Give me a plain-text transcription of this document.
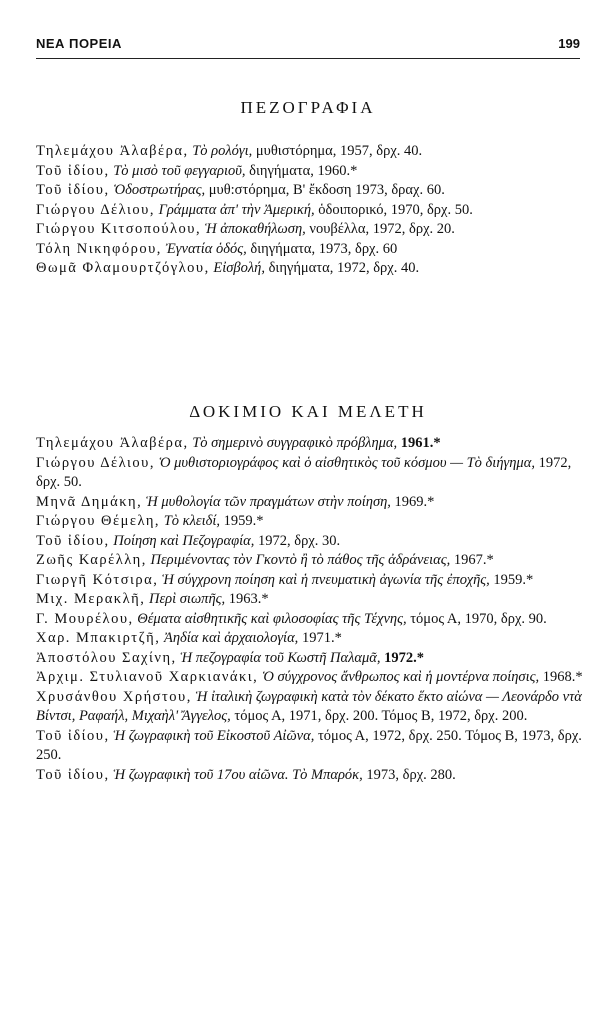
ΝΕΑ ΠΟΡΕΙΑ	199
ΠΕΖΟΓΡΑΦΙΑ
Τηλεμάχου Ἀλαβέρα, Τὸ ρολόγι, μυθιστόρημα, 1957, δρχ. 40.
Τοῦ ἰδίου, Τὸ μισὸ τοῦ φεγγαριοῦ, διηγήματα, 1960.*
Τοῦ ἰδίου, Ὁδοστρωτήρας, μυθ:στόρημα, Β' ἔκδοση 1973, δραχ. 60.
Γιώργου Δέλιου, Γράμματα ἀπ' τὴν Ἀμερική, ὁδοιπορικό, 1970, δρχ. 50.
Γιώργου Κιτσοπούλου, Ἡ ἀποκαθήλωση, νουβέλλα, 1972, δρχ. 20.
Τόλη Νικηφόρου, Ἐγνατία ὁδός, διηγήματα, 1973, δρχ. 60
Θωμᾶ Φλαμουρτζόγλου, Εἰσβολή, διηγήματα, 1972, δρχ. 40.
ΔΟΚΙΜΙΟ ΚΑΙ ΜΕΛΕΤΗ
Τηλεμάχου Ἀλαβέρα, Τὸ σημερινὸ συγγραφικὸ πρόβλημα, 1961.*
Γιώργου Δέλιου, Ὁ μυθιστοριογράφος καὶ ὁ αἰσθητικὸς τοῦ κόσμου — Τὸ διήγημα, 1972, δρχ. 50.
Μηνᾶ Δημάκη, Ἡ μυθολογία τῶν πραγμάτων στὴν ποίηση, 1969.*
Γιώργου Θέμελη, Τὸ κλειδί, 1959.*
Τοῦ ἰδίου, Ποίηση καὶ Πεζογραφία, 1972, δρχ. 30.
Ζωῆς Καρέλλη, Περιμένοντας τὸν Γκοντὸ ἢ τὸ πάθος τῆς ἀδράνειας, 1967.*
Γιωργῆ Κότσιρα, Ἡ σύγχρονη ποίηση καὶ ἡ πνευματικὴ ἀγωνία τῆς ἐποχῆς, 1959.*
Μιχ. Μερακλῆ, Περὶ σιωπῆς, 1963.*
Γ. Μουρέλου, Θέματα αἰσθητικῆς καὶ φιλοσοφίας τῆς Τέχνης, τόμος Α, 1970, δρχ. 90.
Χαρ. Μπακιρτζῆ, Ἀηδία καὶ ἀρχαιολογία, 1971.*
Ἀποστόλου Σαχίνη, Ἡ πεζογραφία τοῦ Κωστῆ Παλαμᾶ, 1972.*
Ἀρχιμ. Στυλιανοῦ Χαρκιανάκι, Ὁ σύγχρονος ἄνθρωπος καὶ ἡ μοντέρνα ποίησις, 1968.*
Χρυσάνθου Χρήστου, Ἡ ἰταλικὴ ζωγραφικὴ κατὰ τὸν δέκατο ἕκτο αἰώνα — Λεονάρδο ντὰ Βίντσι, Ραφαήλ, Μιχαὴλ' Ἄγγελος, τόμος Α, 1971, δρχ. 200. Τόμος Β, 1972, δρχ. 200.
Τοῦ ἰδίου, Ἡ ζωγραφικὴ τοῦ Εἰκοστοῦ Αἰῶνα, τόμος Α, 1972, δρχ. 250. Τόμος Β, 1973, δρχ. 250.
Τοῦ ἰδίου, Ἡ ζωγραφικὴ τοῦ 17ου αἰῶνα. Τὸ Μπαρόκ, 1973, δρχ. 280.
